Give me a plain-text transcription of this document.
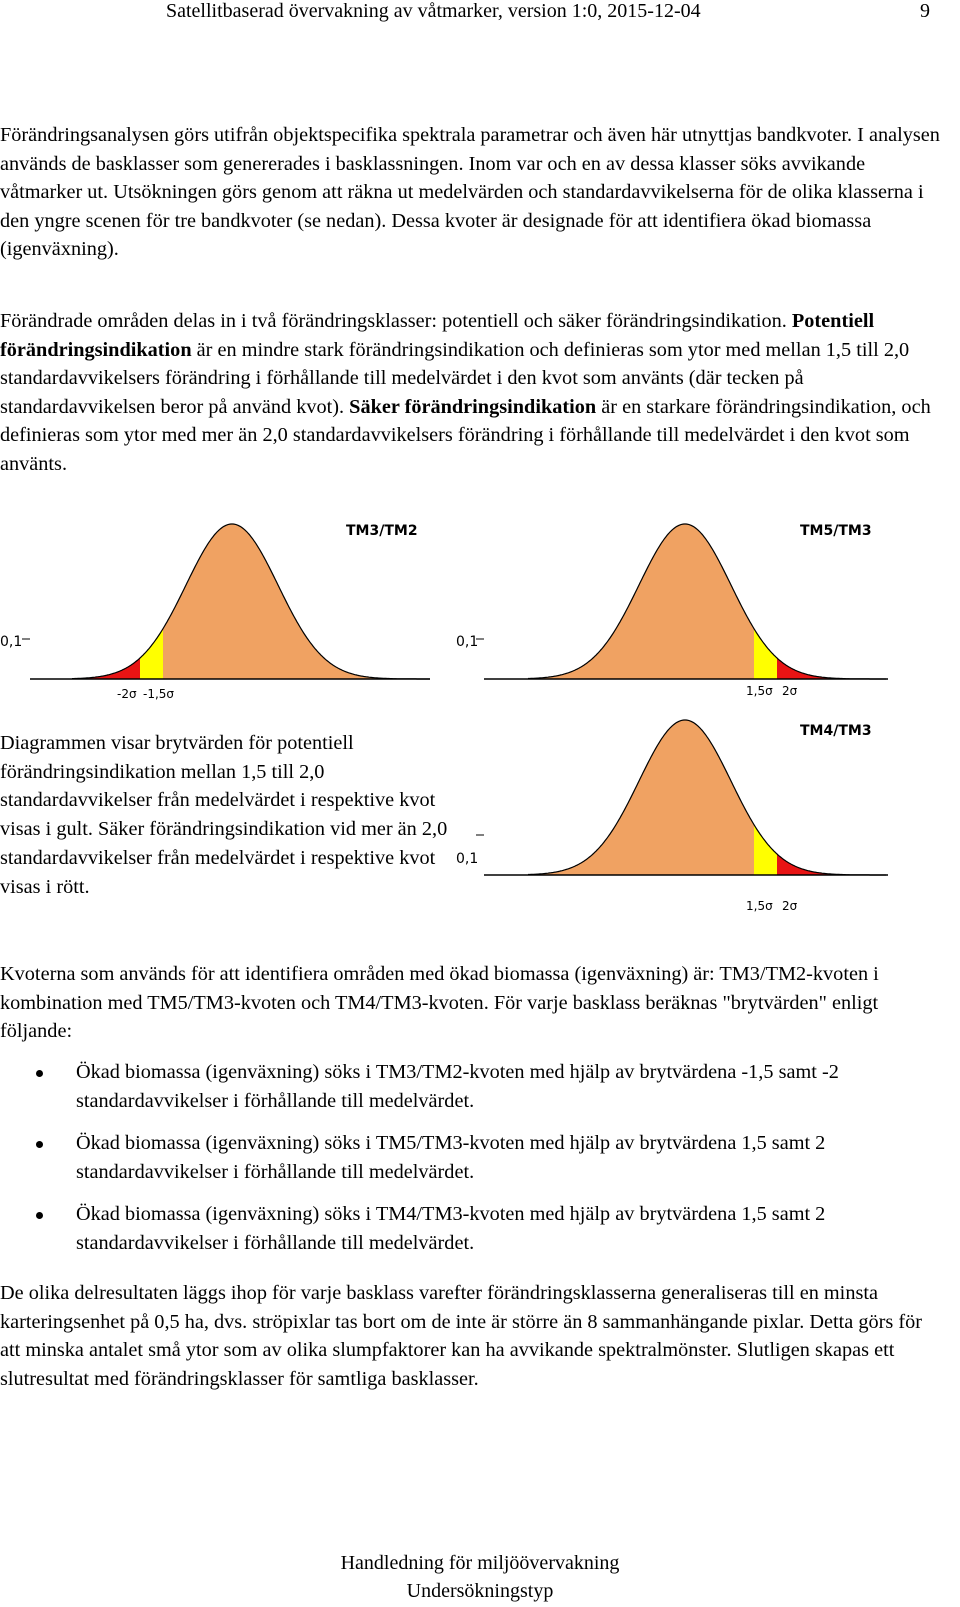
Satellitbaserad övervakning av våtmarker, version 1:0, 2015-12-04	9

Förändringsanalysen görs utifrån objektspecifika spektrala parametrar och även här utnyttjas bandkvoter. I analysen används de basklasser som genererades i basklassningen. Inom var och en av dessa klasser söks avvikande våtmarker ut. Utsökningen görs genom att räkna ut medelvärden och standardavvikelserna för de olika klasserna i den yngre scenen för tre bandkvoter (se nedan). Dessa kvoter är designade för att identifiera ökad biomassa (igenväxning).

Förändrade områden delas in i två förändringsklasser: potentiell och säker förändringsindikation. Potentiell förändringsindikation är en mindre stark förändringsindikation och definieras som ytor med mellan 1,5 till 2,0 standardavvikelsers förändring i förhållande till medelvärdet i den kvot som använts (där tecken på standardavvikelsen beror på använd kvot). Säker förändringsindikation är en starkare förändringsindikation, och definieras som ytor med mer än 2,0 standardavvikelsers förändring i förhållande till medelvärdet i den kvot som använts.

TM3/TM2
0,1
-2σ -1,5σ
TM5/TM3
0,1
1,5σ 2σ

Diagrammen visar brytvärden för potentiell förändringsindikation mellan 1,5 till 2,0 standardavvikelser från medelvärdet i respektive kvot visas i gult. Säker förändringsindikation vid mer än 2,0 standardavvikelser från medelvärdet i respektive kvot visas i rött.

TM4/TM3
0,1
1,5σ 2σ

Kvoterna som används för att identifiera områden med ökad biomassa (igenväxning) är: TM3/TM2-kvoten i kombination med TM5/TM3-kvoten och TM4/TM3-kvoten. För varje basklass beräknas "brytvärden" enligt följande:

Ökad biomassa (igenväxning) söks i TM3/TM2-kvoten med hjälp av brytvärdena -1,5 samt -2 standardavvikelser i förhållande till medelvärdet.
Ökad biomassa (igenväxning) söks i TM5/TM3-kvoten med hjälp av brytvärdena 1,5 samt 2 standardavvikelser i förhållande till medelvärdet.
Ökad biomassa (igenväxning) söks i TM4/TM3-kvoten med hjälp av brytvärdena 1,5 samt 2 standardavvikelser i förhållande till medelvärdet.

De olika delresultaten läggs ihop för varje basklass varefter förändringsklasserna generaliseras till en minsta karteringsenhet på 0,5 ha, dvs. ströpixlar tas bort om de inte är större än 8 sammanhängande pixlar. Detta görs för att minska antalet små ytor som av olika slumpfaktorer kan ha avvikande spektralmönster. Slutligen skapas ett slutresultat med förändringsklasser för samtliga basklasser.

Handledning för miljöövervakning
Undersökningstyp
